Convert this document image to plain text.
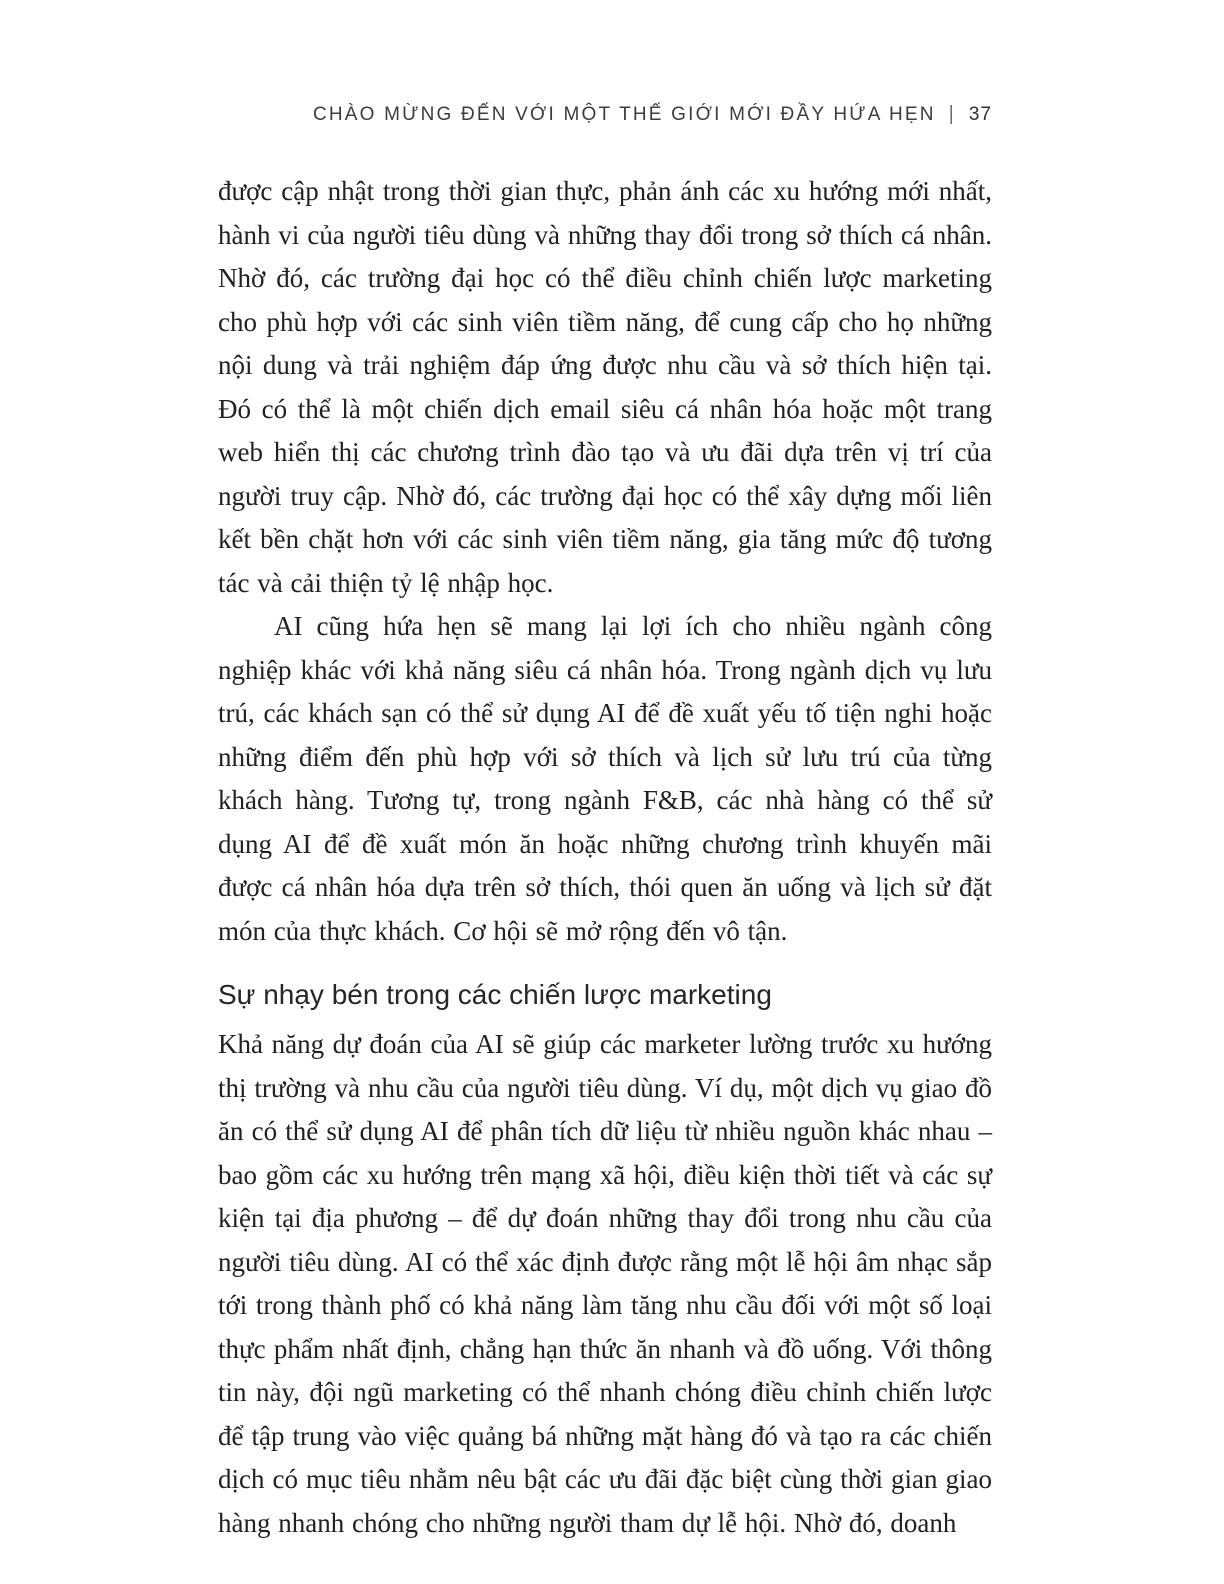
CHÀO MỪNG ĐẾN VỚI MỘT THẾ GIỚI MỚI ĐẦY HỨA HẸN | 37

được cập nhật trong thời gian thực, phản ánh các xu hướng mới nhất, hành vi của người tiêu dùng và những thay đổi trong sở thích cá nhân. Nhờ đó, các trường đại học có thể điều chỉnh chiến lược marketing cho phù hợp với các sinh viên tiềm năng, để cung cấp cho họ những nội dung và trải nghiệm đáp ứng được nhu cầu và sở thích hiện tại. Đó có thể là một chiến dịch email siêu cá nhân hóa hoặc một trang web hiển thị các chương trình đào tạo và ưu đãi dựa trên vị trí của người truy cập. Nhờ đó, các trường đại học có thể xây dựng mối liên kết bền chặt hơn với các sinh viên tiềm năng, gia tăng mức độ tương tác và cải thiện tỷ lệ nhập học.

AI cũng hứa hẹn sẽ mang lại lợi ích cho nhiều ngành công nghiệp khác với khả năng siêu cá nhân hóa. Trong ngành dịch vụ lưu trú, các khách sạn có thể sử dụng AI để đề xuất yếu tố tiện nghi hoặc những điểm đến phù hợp với sở thích và lịch sử lưu trú của từng khách hàng. Tương tự, trong ngành F&B, các nhà hàng có thể sử dụng AI để đề xuất món ăn hoặc những chương trình khuyến mãi được cá nhân hóa dựa trên sở thích, thói quen ăn uống và lịch sử đặt món của thực khách. Cơ hội sẽ mở rộng đến vô tận.

Sự nhạy bén trong các chiến lược marketing

Khả năng dự đoán của AI sẽ giúp các marketer lường trước xu hướng thị trường và nhu cầu của người tiêu dùng. Ví dụ, một dịch vụ giao đồ ăn có thể sử dụng AI để phân tích dữ liệu từ nhiều nguồn khác nhau – bao gồm các xu hướng trên mạng xã hội, điều kiện thời tiết và các sự kiện tại địa phương – để dự đoán những thay đổi trong nhu cầu của người tiêu dùng. AI có thể xác định được rằng một lễ hội âm nhạc sắp tới trong thành phố có khả năng làm tăng nhu cầu đối với một số loại thực phẩm nhất định, chẳng hạn thức ăn nhanh và đồ uống. Với thông tin này, đội ngũ marketing có thể nhanh chóng điều chỉnh chiến lược để tập trung vào việc quảng bá những mặt hàng đó và tạo ra các chiến dịch có mục tiêu nhằm nêu bật các ưu đãi đặc biệt cùng thời gian giao hàng nhanh chóng cho những người tham dự lễ hội. Nhờ đó, doanh
